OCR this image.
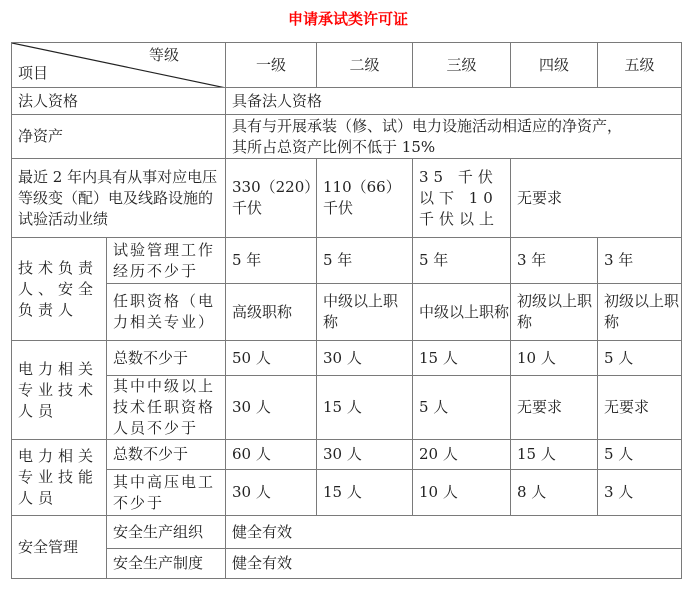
申请承试类许可证
等级
项目		一级	二级	三级	四级	五级
法人资格		具备法人资格				
净资产		具有与开展承装（修、试）电力设施活动相适应的净资产，
其所占总资产比例不低于 15%				

最近 2 年内具有从事对应电压等级变（配）电及线路设施的试验活动业绩		330（220）千伏	110（66）千伏	35 千伏以下 10 千伏以上	无要求	
技术负责人、安全负责人	试验管理工作经历不少于	5 年	5 年	5 年	3 年	3 年
	任职资格（电力相关专业）	高级职称	中级以上职称	中级以上职称	初级以上职称	初级以上职称
电力相关专业技术人员	总数不少于	50 人	30 人	15 人	10 人	5 人
	其中中级以上技术任职资格人员不少于	30 人	15 人	5 人	无要求	无要求
电力相关专业技能人员	总数不少于	60 人	30 人	20 人	15 人	5 人
	其中高压电工不少于	30 人	15 人	10 人	8 人	3 人
安全管理	安全生产组织	健全有效				
	安全生产制度	健全有效				
